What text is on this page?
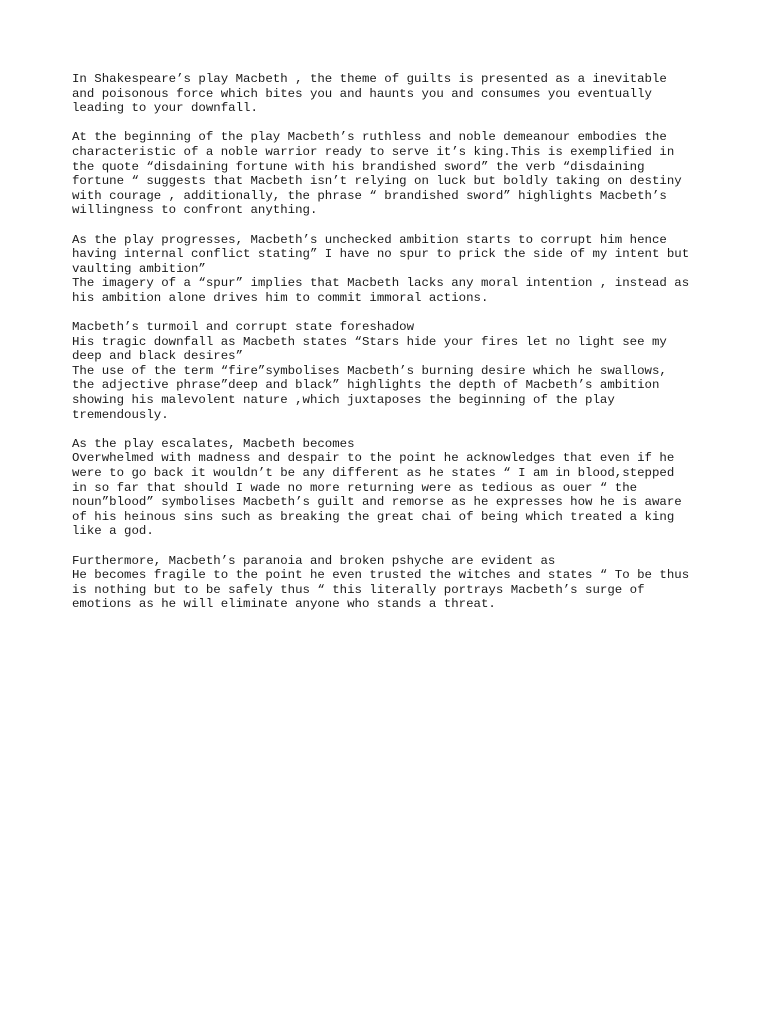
In Shakespeare’s play Macbeth , the theme of guilts is presented as a inevitable
and poisonous force which bites you and haunts you and consumes you eventually
leading to your downfall.

At the beginning of the play Macbeth’s ruthless and noble demeanour embodies the
characteristic of a noble warrior ready to serve it’s king.This is exemplified in
the quote “disdaining fortune with his brandished sword” the verb “disdaining
fortune “ suggests that Macbeth isn’t relying on luck but boldly taking on destiny
with courage , additionally, the phrase “ brandished sword” highlights Macbeth’s
willingness to confront anything.

As the play progresses, Macbeth’s unchecked ambition starts to corrupt him hence
having internal conflict stating” I have no spur to prick the side of my intent but
vaulting ambition”
The imagery of a “spur” implies that Macbeth lacks any moral intention , instead as
his ambition alone drives him to commit immoral actions.

Macbeth’s turmoil and corrupt state foreshadow
His tragic downfall as Macbeth states “Stars hide your fires let no light see my
deep and black desires”
The use of the term “fire”symbolises Macbeth’s burning desire which he swallows,
the adjective phrase”deep and black” highlights the depth of Macbeth’s ambition
showing his malevolent nature ,which juxtaposes the beginning of the play
tremendously.

As the play escalates, Macbeth becomes
Overwhelmed with madness and despair to the point he acknowledges that even if he
were to go back it wouldn’t be any different as he states “ I am in blood,stepped
in so far that should I wade no more returning were as tedious as ouer “ the
noun”blood” symbolises Macbeth’s guilt and remorse as he expresses how he is aware
of his heinous sins such as breaking the great chai of being which treated a king
like a god.

Furthermore, Macbeth’s paranoia and broken pshyche are evident as
He becomes fragile to the point he even trusted the witches and states “ To be thus
is nothing but to be safely thus “ this literally portrays Macbeth’s surge of
emotions as he will eliminate anyone who stands a threat.
